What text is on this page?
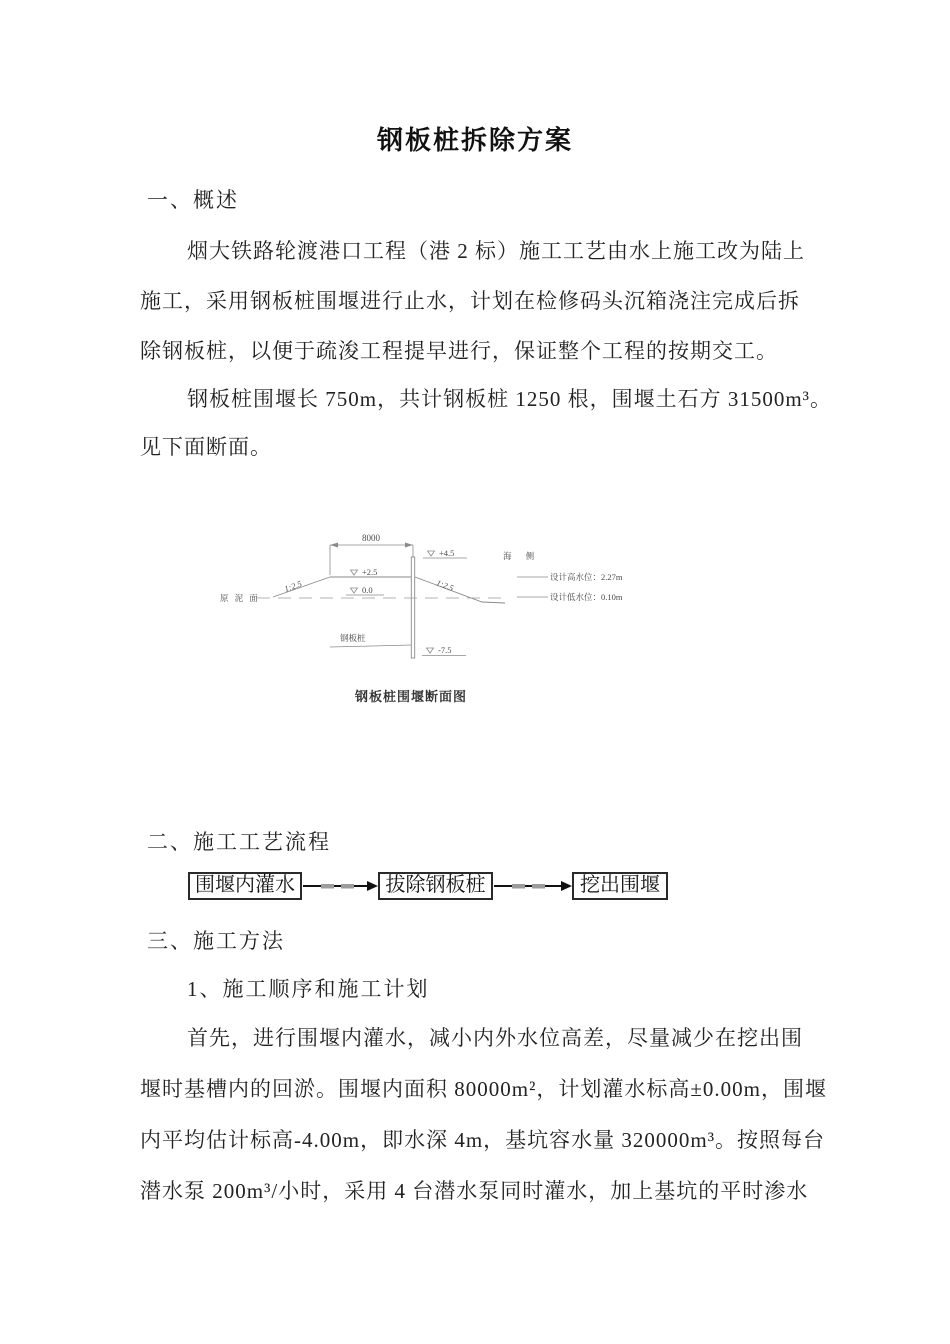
钢板桩拆除方案
一、概述
烟大铁路轮渡港口工程（港 2 标）施工工艺由水上施工改为陆上
施工，采用钢板桩围堰进行止水，计划在检修码头沉箱浇注完成后拆
除钢板桩，以便于疏浚工程提早进行，保证整个工程的按期交工。
钢板桩围堰长 750m，共计钢板桩 1250 根，围堰土石方 31500m³。
见下面断面。
8000
+4.5
+2.5
1:2.5	1:2.5
0.0
原 泥 面
钢板桩
-7.5
海 侧
设计高水位：2.27m
设计低水位：0.10m
钢板桩围堰断面图
二、施工工艺流程
围堰内灌水	拔除钢板桩	挖出围堰
三、施工方法
1、施工顺序和施工计划
首先，进行围堰内灌水，减小内外水位高差，尽量减少在挖出围
堰时基槽内的回淤。围堰内面积 80000m²，计划灌水标高±0.00m，围堰
内平均估计标高-4.00m，即水深 4m，基坑容水量 320000m³。按照每台
潜水泵 200m³/小时，采用 4 台潜水泵同时灌水，加上基坑的平时渗水
